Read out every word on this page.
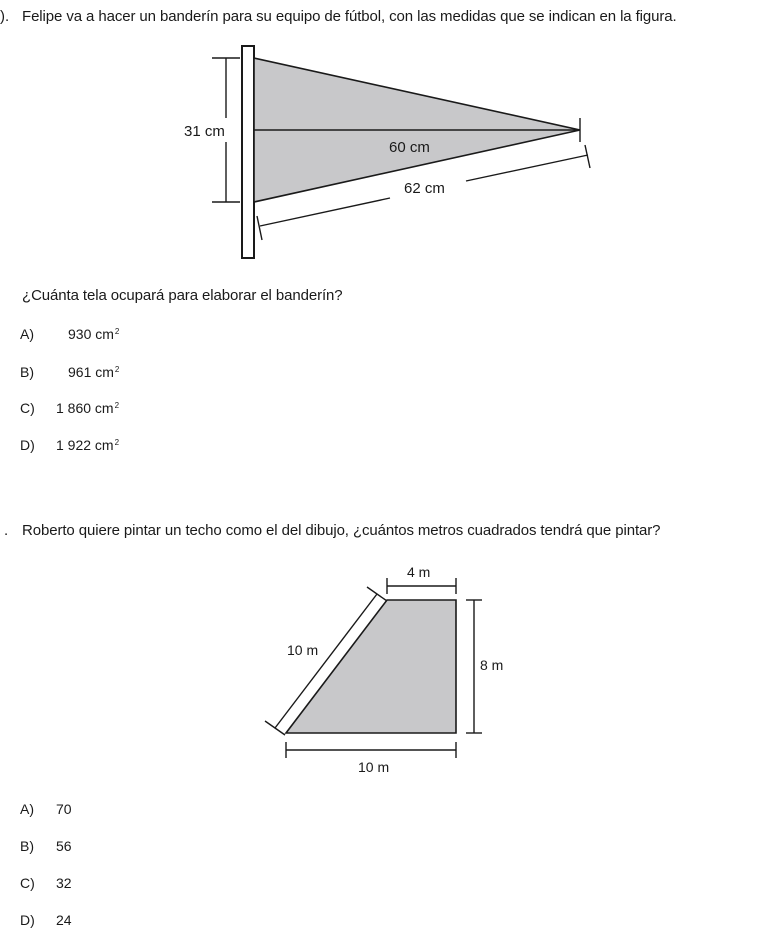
). Felipe va a hacer un banderín para su equipo de fútbol, con las medidas que se indican en la figura.
31 cm
60 cm
62 cm
4 m
10 m
8 m
10 m
¿Cuánta tela ocupará para elaborar el banderín?
A) 930 $cm^2$
B) 961 $cm^2$
C) 1 860 $cm^2$
D) 1 922 $cm^2$
. Roberto quiere pintar un techo como el del dibujo, ¿cuántos metros cuadrados tendrá que pintar?
A) 70
B) 56
C) 32
D) 24
